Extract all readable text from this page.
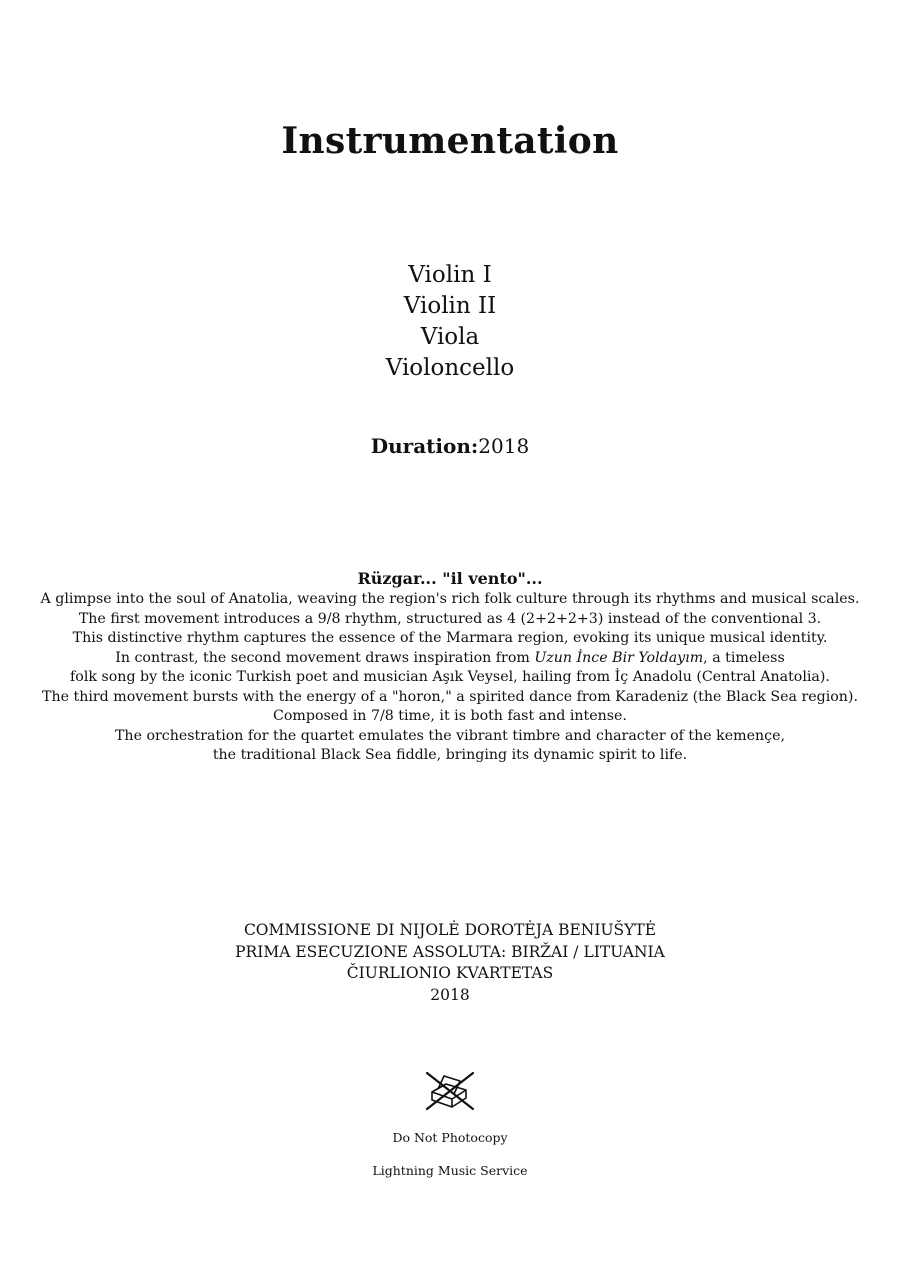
Instrumentation
Violin I
Violin II
Viola
Violoncello
Duration:2018
Rüzgar... "il vento"...
A glimpse into the soul of Anatolia, weaving the region's rich folk culture through its rhythms and musical scales.
The first movement introduces a 9/8 rhythm, structured as 4 (2+2+2+3) instead of the conventional 3.
This distinctive rhythm captures the essence of the Marmara region, evoking its unique musical identity.
In contrast, the second movement draws inspiration from Uzun İnce Bir Yoldayım, a timeless
folk song by the iconic Turkish poet and musician Aşık Veysel, hailing from İç Anadolu (Central Anatolia).
The third movement bursts with the energy of a "horon," a spirited dance from Karadeniz (the Black Sea region).
Composed in 7/8 time, it is both fast and intense.
The orchestration for the quartet emulates the vibrant timbre and character of the kemençe,
the traditional Black Sea fiddle, bringing its dynamic spirit to life.
COMMISSIONE DI NIJOLĖ DOROTĖJA BENIUŠYTĖ
PRIMA ESECUZIONE ASSOLUTA: BIRŽAI / LITUANIA
ČIURLIONIO KVARTETAS
2018
Do Not Photocopy
Lightning Music Service
